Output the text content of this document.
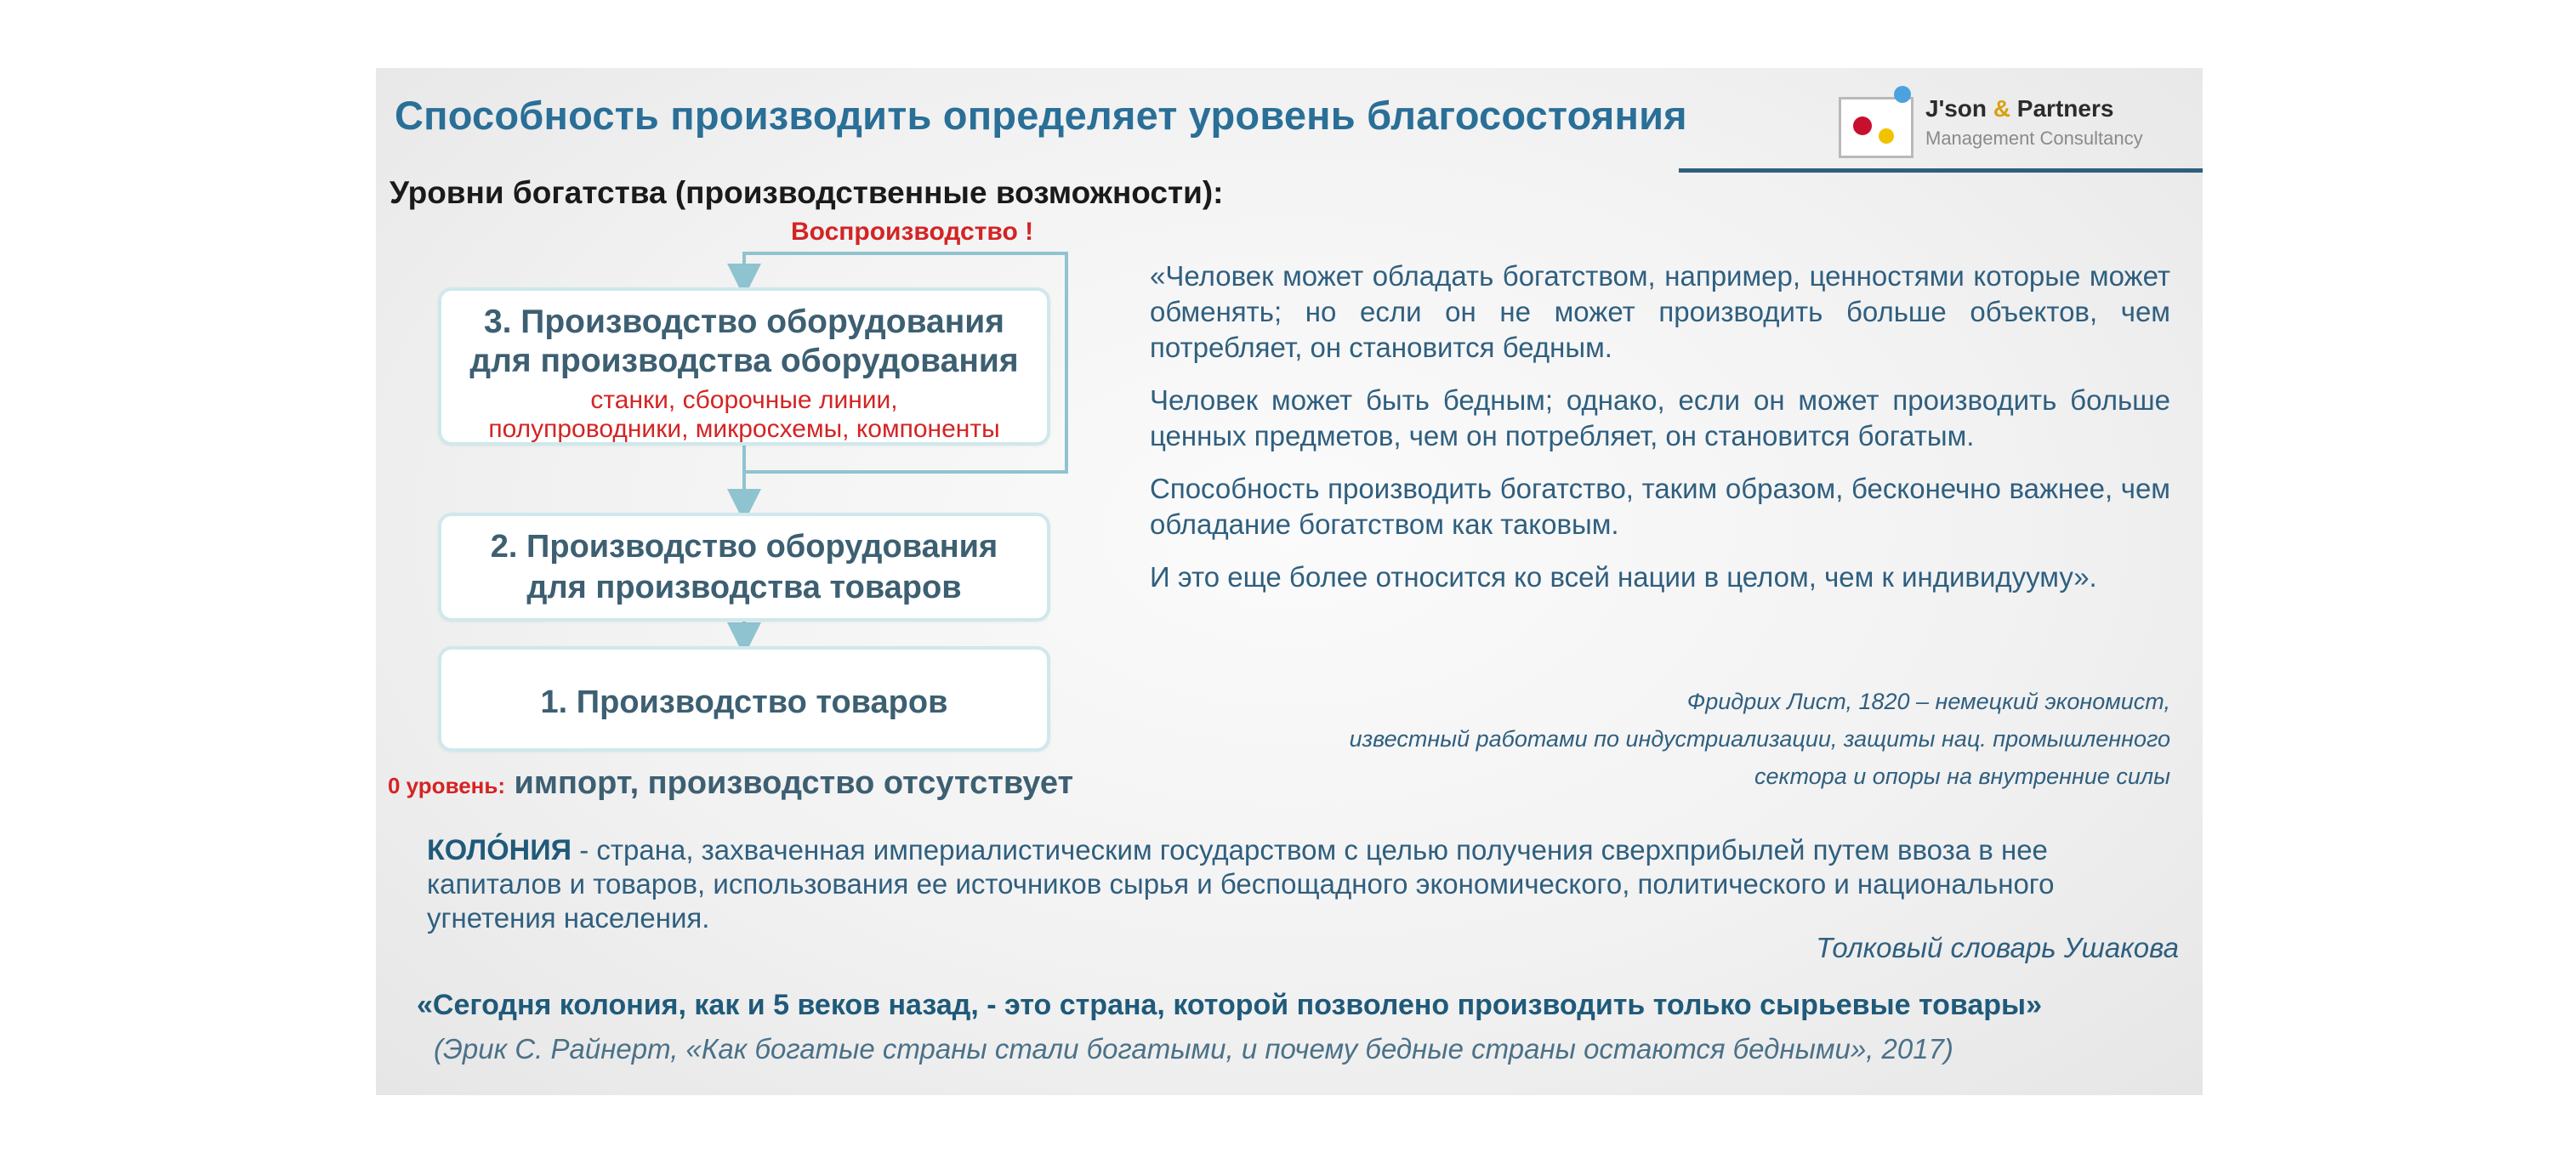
Способность производить определяет уровень благосостояния	J'son & Partners
Management Consultancy
Уровни богатства (производственные возможности):
Воспроизводство !
3. Производство оборудования
для производства оборудования
станки, сборочные линии,
полупроводники, микросхемы, компоненты
2. Производство оборудования
для производства товаров
1. Производство товаров
0 уровень: импорт, производство отсутствует

«Человек может обладать богатством, например, ценностями которые может обменять; но если он не может производить больше объектов, чем потребляет, он становится бедным.

Человек может быть бедным; однако, если он может производить больше ценных предметов, чем он потребляет, он становится богатым.

Способность производить богатство, таким образом, бесконечно важнее, чем обладание богатством как таковым.

И это еще более относится ко всей нации в целом, чем к индивидууму».

Фридрих Лист, 1820 – немецкий экономист,
известный работами по индустриализации, защиты нац. промышленного
сектора и опоры на внутренние силы
КОЛО́НИЯ - страна, захваченная империалистическим государством с целью получения сверхприбылей путем ввоза в нее капиталов и товаров, использования ее источников сырья и беспощадного экономического, политического и национального угнетения населения.
Толковый словарь Ушакова
«Сегодня колония, как и 5 веков назад, - это страна, которой позволено производить только сырьевые товары»
(Эрик С. Райнерт, «Как богатые страны стали богатыми, и почему бедные страны остаются бедными», 2017)
